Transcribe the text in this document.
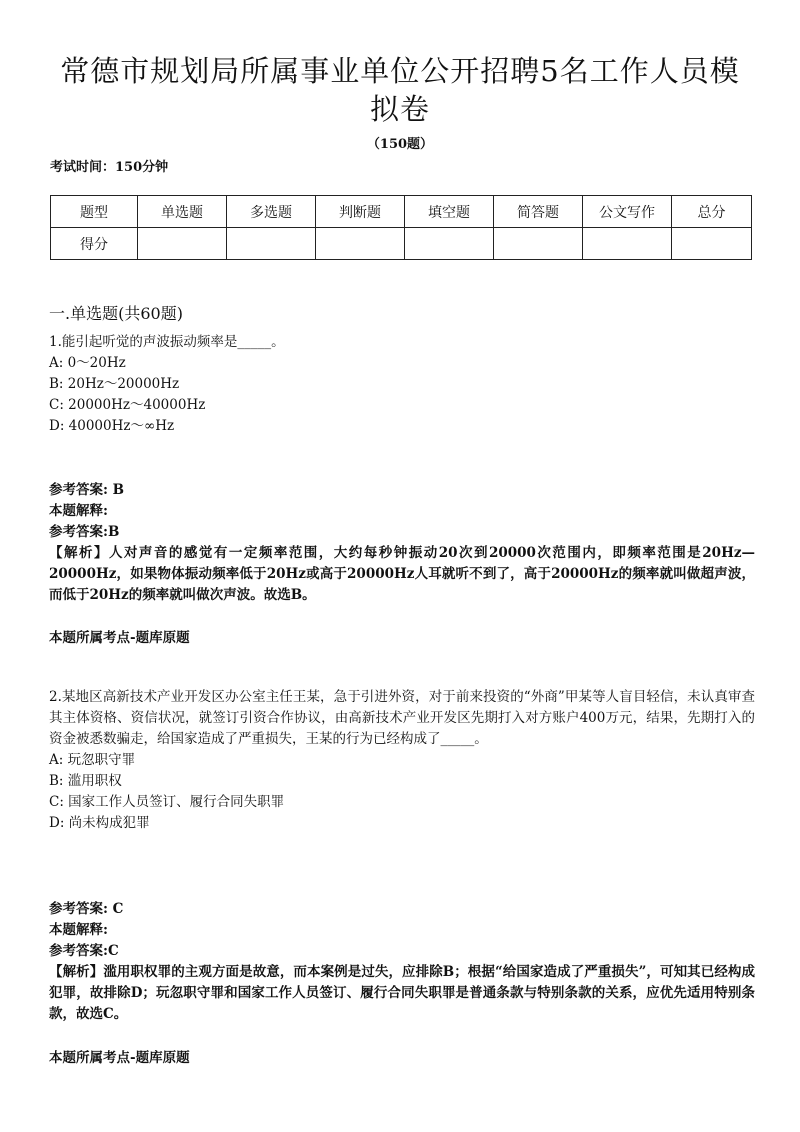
常德市规划局所属事业单位公开招聘5名工作人员模拟卷
（150题）
考试时间：150分钟
题型	单选题	多选题	判断题	填空题	简答题	公文写作	总分
得分							
一.单选题(共60题)
1.能引起听觉的声波振动频率是_____。
A: 0～20Hz
B: 20Hz～20000Hz
C: 20000Hz～40000Hz
D: 40000Hz～∞Hz
参考答案: B
本题解释:
参考答案:B
【解析】人对声音的感觉有一定频率范围，大约每秒钟振动20次到20000次范围内，即频率范围是20Hz—20000Hz，如果物体振动频率低于20Hz或高于20000Hz人耳就听不到了，高于20000Hz的频率就叫做超声波，而低于20Hz的频率就叫做次声波。故选B。
本题所属考点-题库原题
2.某地区高新技术产业开发区办公室主任王某，急于引进外资，对于前来投资的“外商”甲某等人盲目轻信，未认真审查其主体资格、资信状况，就签订引资合作协议，由高新技术产业开发区先期打入对方账户400万元，结果，先期打入的资金被悉数骗走，给国家造成了严重损失，王某的行为已经构成了_____。
A: 玩忽职守罪
B: 滥用职权
C: 国家工作人员签订、履行合同失职罪
D: 尚未构成犯罪
参考答案: C
本题解释:
参考答案:C
【解析】滥用职权罪的主观方面是故意，而本案例是过失，应排除B；根据“给国家造成了严重损失”，可知其已经构成犯罪，故排除D；玩忽职守罪和国家工作人员签订、履行合同失职罪是普通条款与特别条款的关系，应优先适用特别条款，故选C。
本题所属考点-题库原题
